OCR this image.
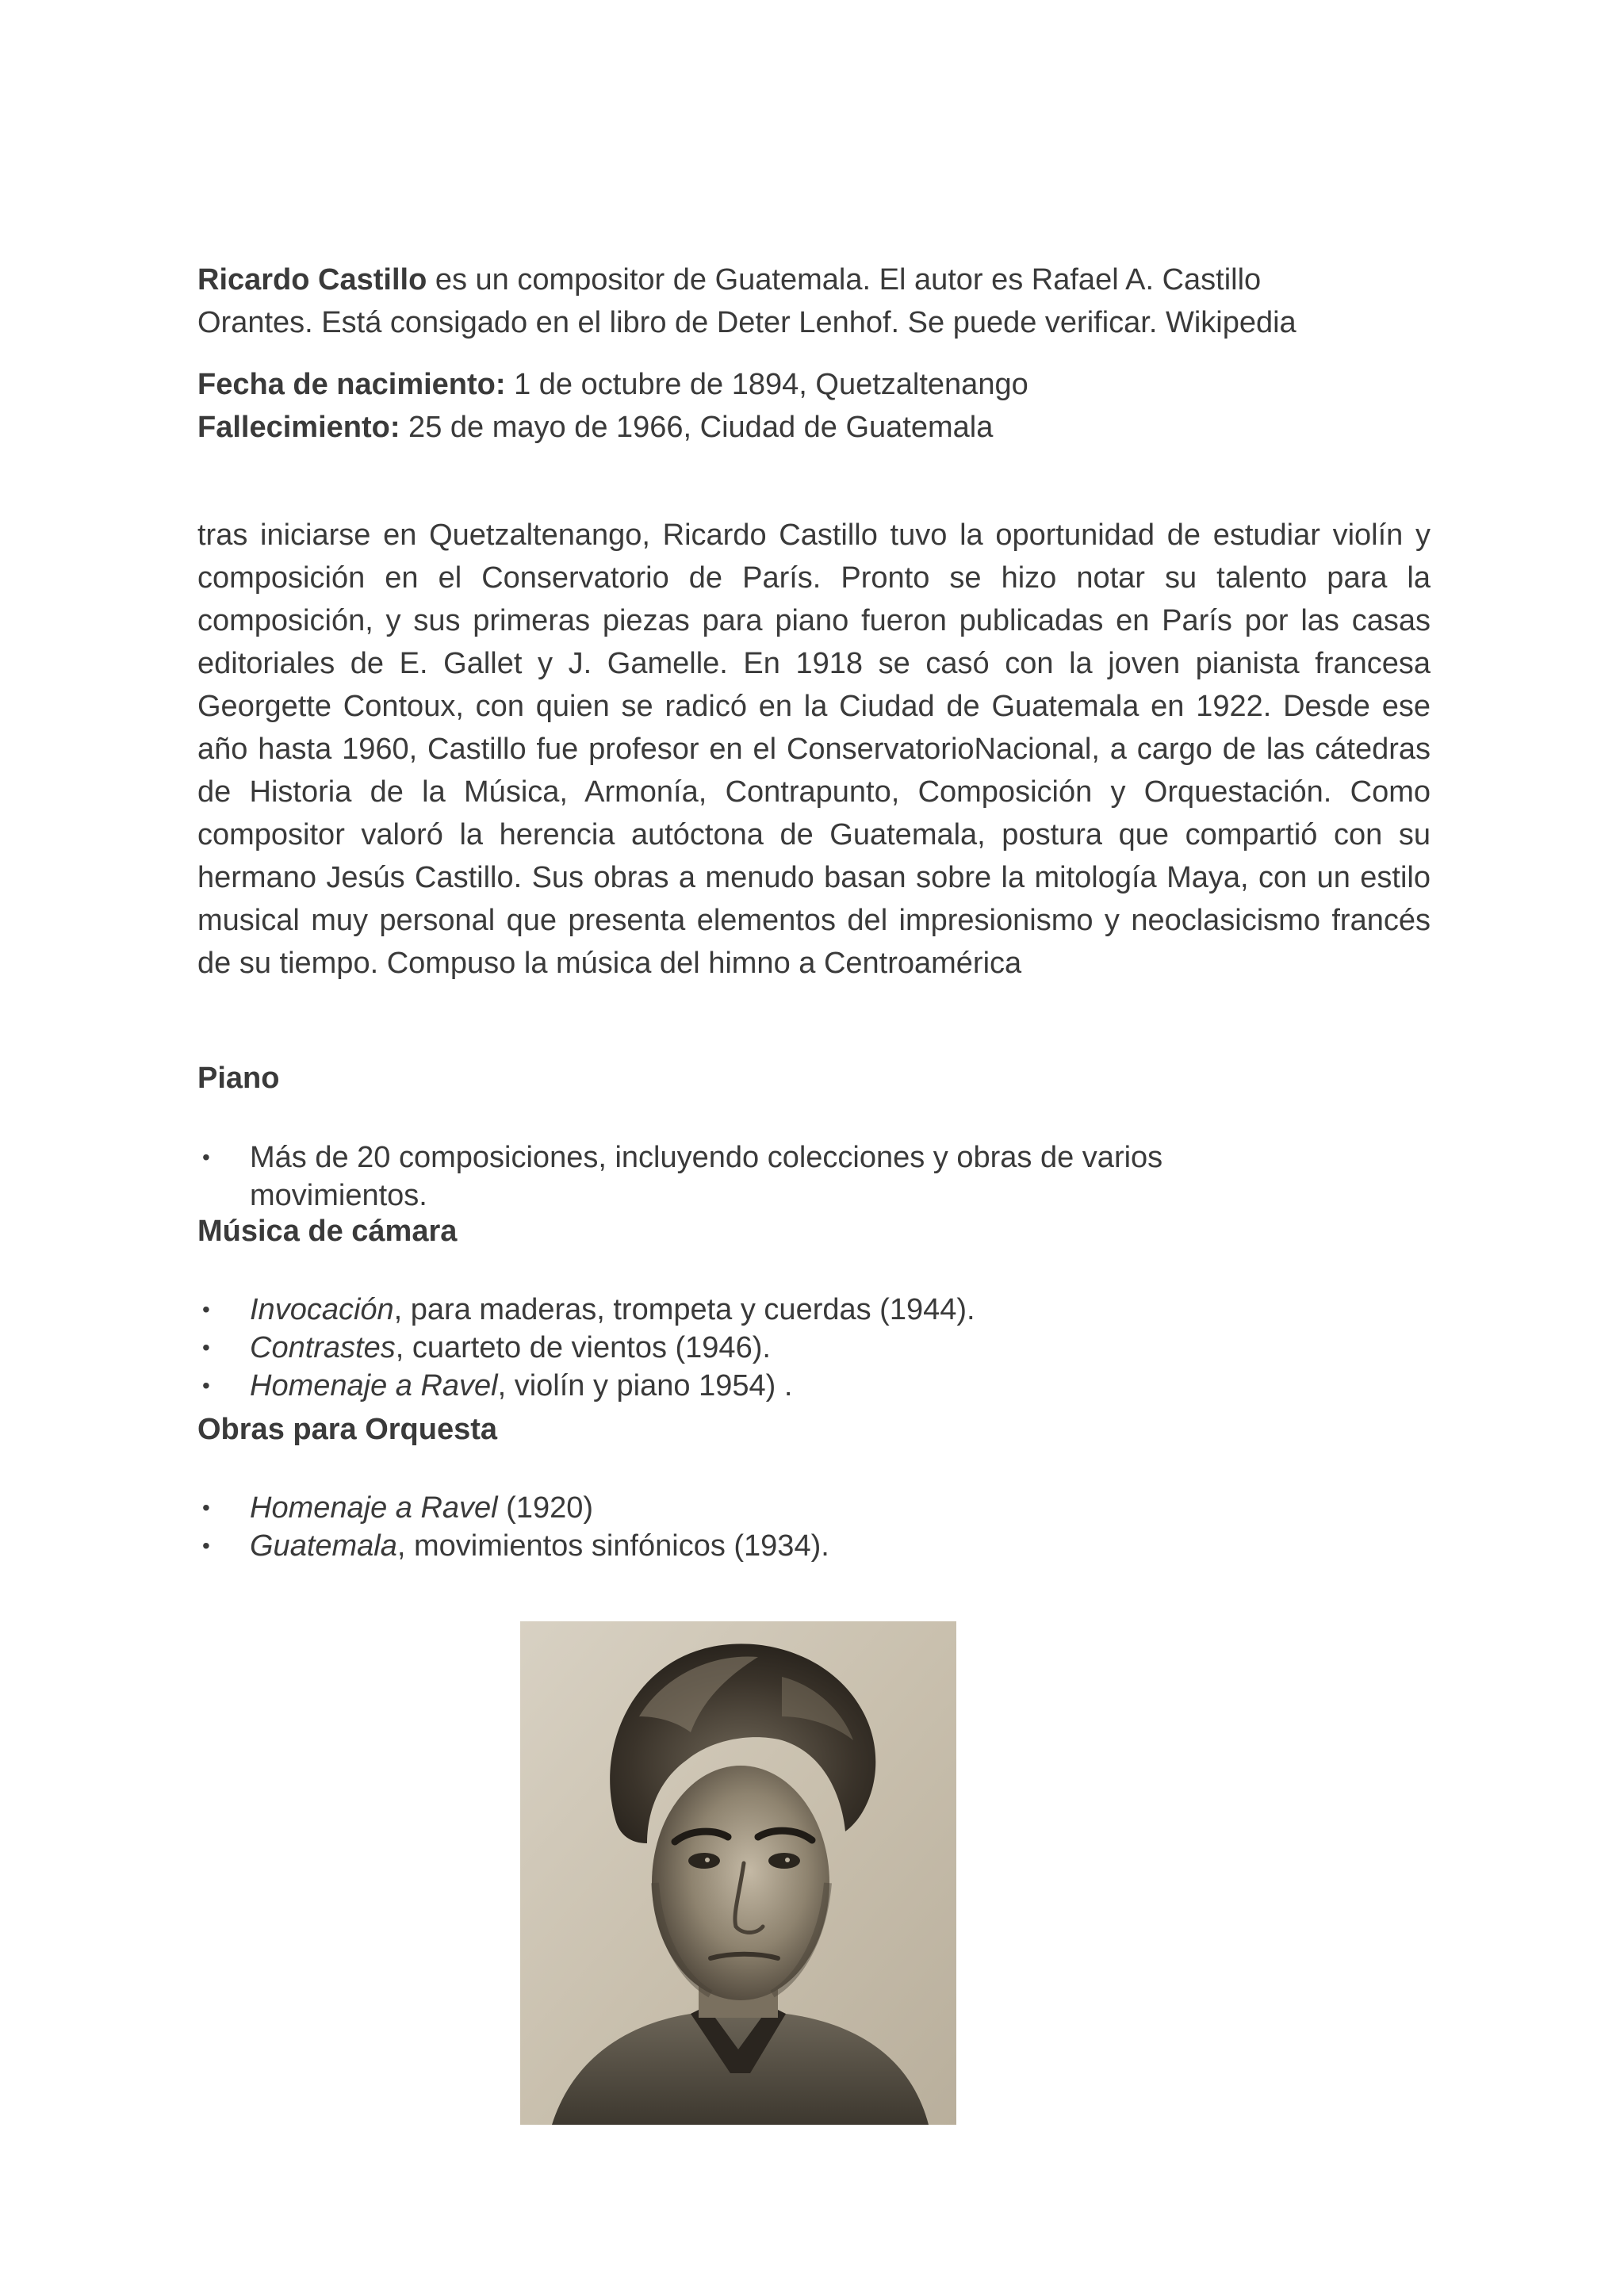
Ricardo Castillo es un compositor de Guatemala. El autor es Rafael A. Castillo

Orantes. Está consigado en el libro de Deter Lenhof. Se puede verificar. Wikipedia

Fecha de nacimiento: 1 de octubre de 1894, Quetzaltenango

Fallecimiento: 25 de mayo de 1966, Ciudad de Guatemala

tras iniciarse en Quetzaltenango, Ricardo Castillo tuvo la oportunidad de estudiar violín y composición en el Conservatorio de París. Pronto se hizo notar su talento para la composición, y sus primeras piezas para piano fueron publicadas en París por las casas editoriales de E. Gallet y J. Gamelle. En 1918 se casó con la joven pianista francesa Georgette Contoux, con quien se radicó en la Ciudad de Guatemala en 1922. Desde ese año hasta 1960, Castillo fue profesor en el ConservatorioNacional, a cargo de las cátedras de Historia de la Música, Armonía, Contrapunto, Composición y Orquestación. Como compositor valoró la herencia autóctona de Guatemala, postura que compartió con su hermano Jesús Castillo. Sus obras a menudo basan sobre la mitología Maya, con un estilo musical muy personal que presenta elementos del impresionismo y neoclasicismo francés de su tiempo. Compuso la música del himno a Centroamérica

Piano

• Más de 20 composiciones, incluyendo colecciones y obras de varios movimientos.

Música de cámara

• Invocación, para maderas, trompeta y cuerdas (1944).
• Contrastes, cuarteto de vientos (1946).
• Homenaje a Ravel, violín y piano 1954) .

Obras para Orquesta

• Homenaje a Ravel (1920)
• Guatemala, movimientos sinfónicos (1934).
